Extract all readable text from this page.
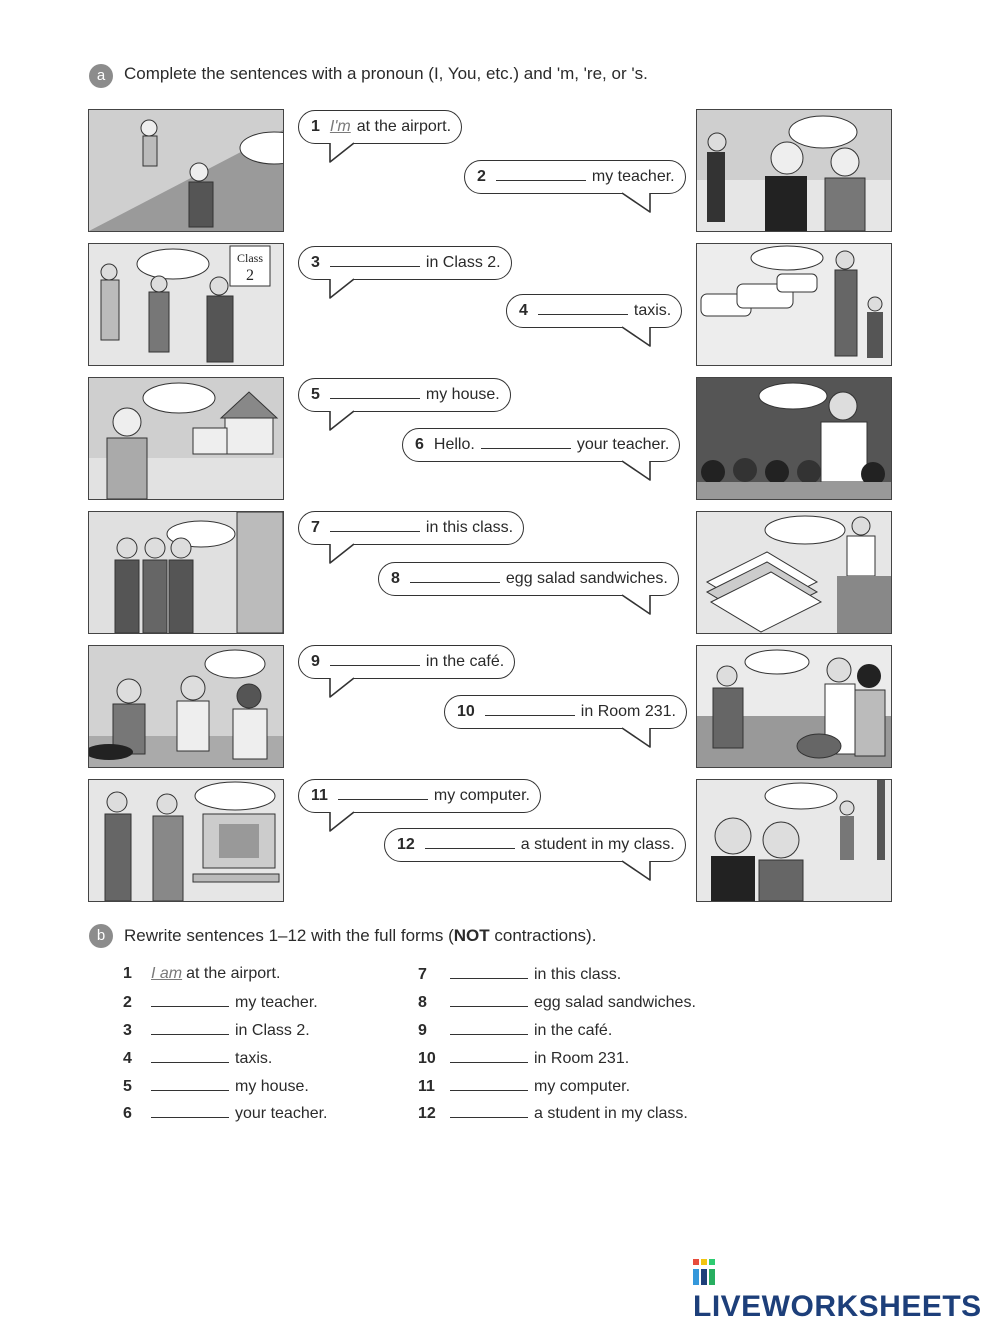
a	Complete the sentences with a pronoun (I, You, etc.) and 'm, 're, or 's.
Class
2
1 I'm at the airport.
2	my teacher.
3	in Class 2.
4	taxis.
5	my house.
6 Hello.	your teacher.
7	in this class.
8	egg salad sandwiches.
9	in the café.
10	in Room 231.
11	my computer.
12	a student in my class.
b	Rewrite sentences 1–12 with the full forms (NOT contractions).
1 I am at the airport.
2	my teacher.
3	in Class 2.
4	taxis.
5	my house.
6	your teacher.
7	in this class.
8	egg salad sandwiches.
9	in the café.
10	in Room 231.
11	my computer.
12	a student in my class.
LIVEWORKSHEETS
